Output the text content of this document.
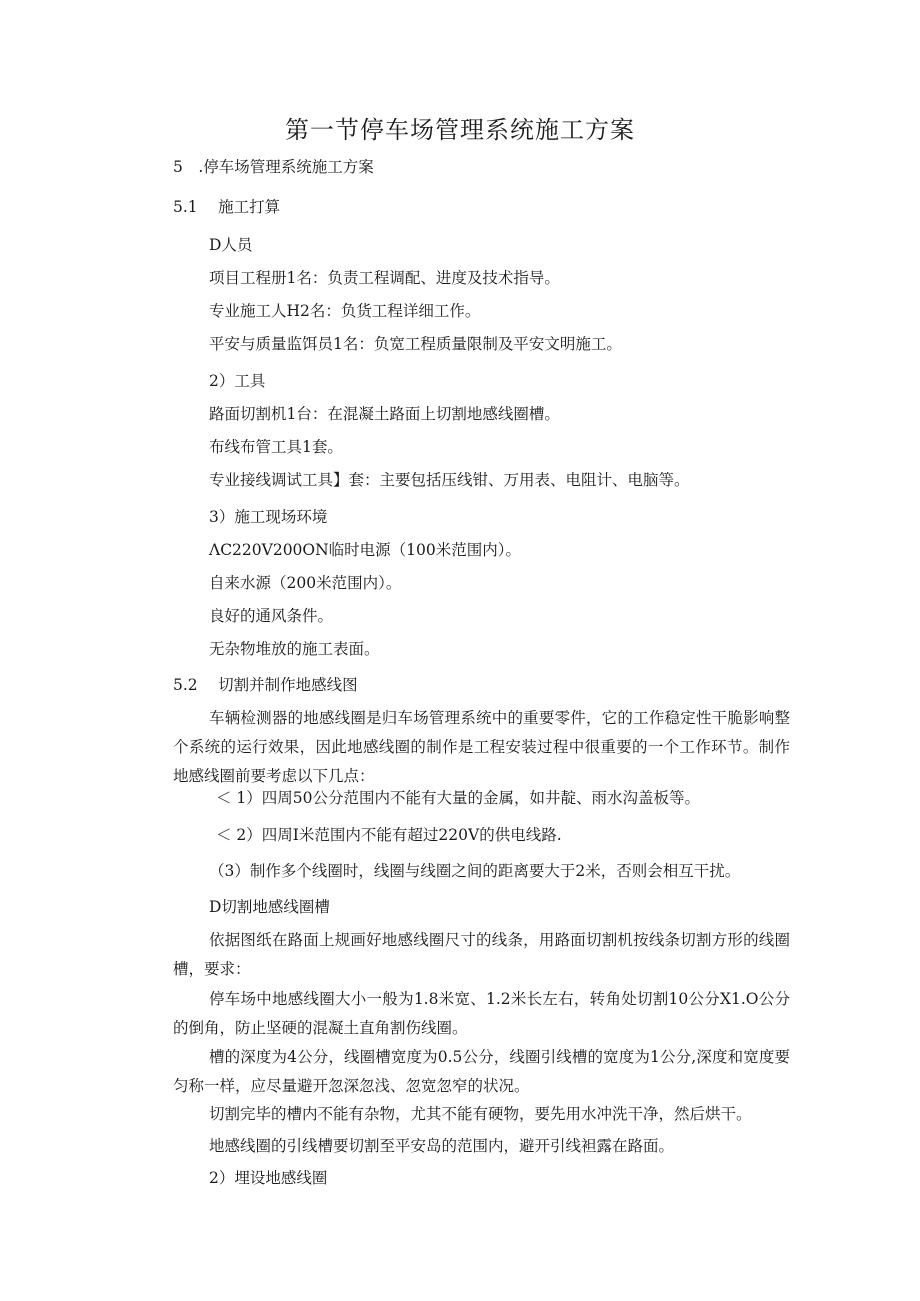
第一节停车场管理系统施工方案

5　.停车场管理系统施工方案

5.1　 施工打算

D人员

项目工程册1名：负责工程调配、进度及技术指导。

专业施工人H2名：负货工程详细工作。

平安与质量监饵员1名：负宽工程质量限制及平安文明施工。

2）工具

路面切割机1台：在混凝土路面上切割地感线圈槽。

布线布管工具1套。

专业接线调试工具】套：主要包括压线钳、万用表、电阻计、电脑等。

3）施工现场环境

ΛC220V200ON临时电源（100米范围内）。

自来水源（200米范围内）。

良好的通风条件。

无杂物堆放的施工表面。

5.2　 切割并制作地感线图

车辆检测器的地感线圈是归车场管理系统中的重要零件，它的工作稳定性干脆影响整个系统的运行效果，因此地感线圈的制作是工程安装过程中很重要的一个工作环节。制作地感线圈前要考虑以下几点：

＜ 1）四周50公分范围内不能有大量的金属，如井靛、雨水沟盖板等。

＜ 2）四周I米范围内不能有超过220V的供电线路.

（3）制作多个线圈时，线圈与线圈之间的距离要大于2米，否则会相互干扰。

D切割地感线圈槽

依据图纸在路面上规画好地感线圈尺寸的线条，用路面切割机按线条切割方形的线圈槽，要求：

停车场中地感线圈大小一般为1.8米宽、1.2米长左右，转角处切割10公分X1.O公分的倒角，防止坚硬的混凝土直角割伤线圈。

槽的深度为4公分，线圈槽宽度为0.5公分，线圈引线槽的宽度为1公分,深度和宽度要匀称一样，应尽量避开忽深忽浅、忽宽忽窄的状况。

切割完毕的槽内不能有杂物，尤其不能有硬物，要先用水冲洗干净，然后烘干。

地感线圈的引线槽要切割至平安岛的范围内，避开引线袒露在路面。

2）埋设地感线圈
